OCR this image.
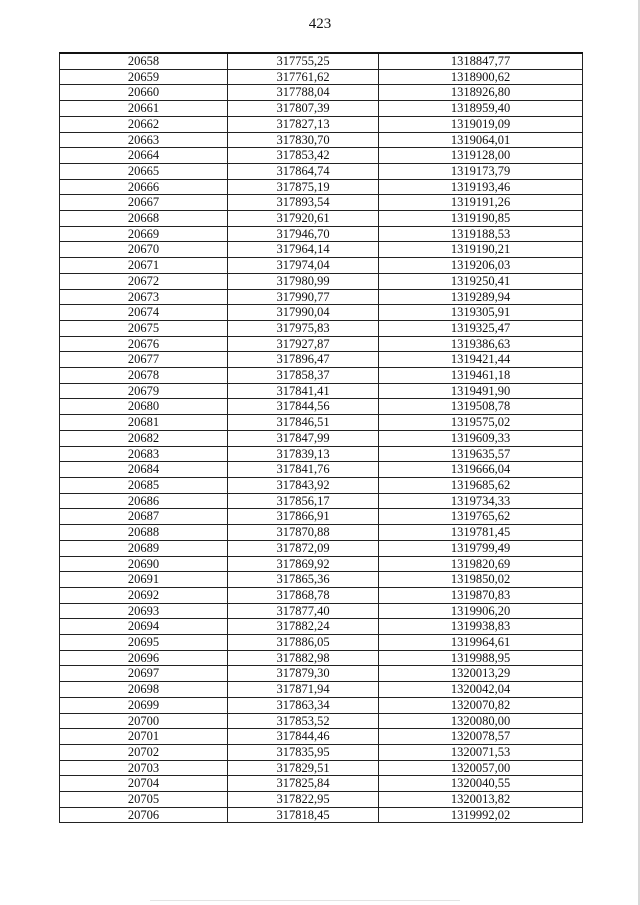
423
20658	317755,25	1318847,77
20659	317761,62	1318900,62
20660	317788,04	1318926,80
20661	317807,39	1318959,40
20662	317827,13	1319019,09
20663	317830,70	1319064,01
20664	317853,42	1319128,00
20665	317864,74	1319173,79
20666	317875,19	1319193,46
20667	317893,54	1319191,26
20668	317920,61	1319190,85
20669	317946,70	1319188,53
20670	317964,14	1319190,21
20671	317974,04	1319206,03
20672	317980,99	1319250,41
20673	317990,77	1319289,94
20674	317990,04	1319305,91
20675	317975,83	1319325,47
20676	317927,87	1319386,63
20677	317896,47	1319421,44
20678	317858,37	1319461,18
20679	317841,41	1319491,90
20680	317844,56	1319508,78
20681	317846,51	1319575,02
20682	317847,99	1319609,33
20683	317839,13	1319635,57
20684	317841,76	1319666,04
20685	317843,92	1319685,62
20686	317856,17	1319734,33
20687	317866,91	1319765,62
20688	317870,88	1319781,45
20689	317872,09	1319799,49
20690	317869,92	1319820,69
20691	317865,36	1319850,02
20692	317868,78	1319870,83
20693	317877,40	1319906,20
20694	317882,24	1319938,83
20695	317886,05	1319964,61
20696	317882,98	1319988,95
20697	317879,30	1320013,29
20698	317871,94	1320042,04
20699	317863,34	1320070,82
20700	317853,52	1320080,00
20701	317844,46	1320078,57
20702	317835,95	1320071,53
20703	317829,51	1320057,00
20704	317825,84	1320040,55
20705	317822,95	1320013,82
20706	317818,45	1319992,02
